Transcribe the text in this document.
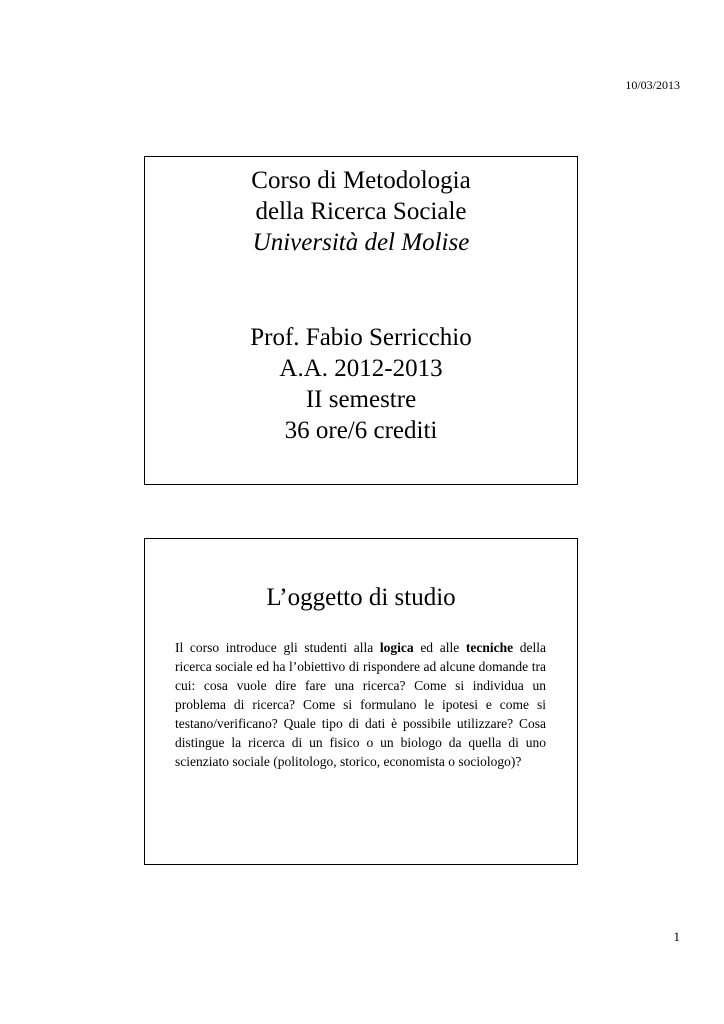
10/03/2013
Corso di Metodologia
della Ricerca Sociale
Università del Molise
Prof. Fabio Serricchio
A.A. 2012-2013
II semestre
36 ore/6 crediti
L’oggetto di studio
Il corso introduce gli studenti alla logica ed alle tecniche della ricerca sociale ed ha l’obiettivo di rispondere ad alcune domande tra cui: cosa vuole dire fare una ricerca? Come si individua un problema di ricerca? Come si formulano le ipotesi e come si testano/verificano? Quale tipo di dati è possibile utilizzare? Cosa distingue la ricerca di un fisico o un biologo da quella di uno scienziato sociale (politologo, storico, economista o sociologo)?
1
